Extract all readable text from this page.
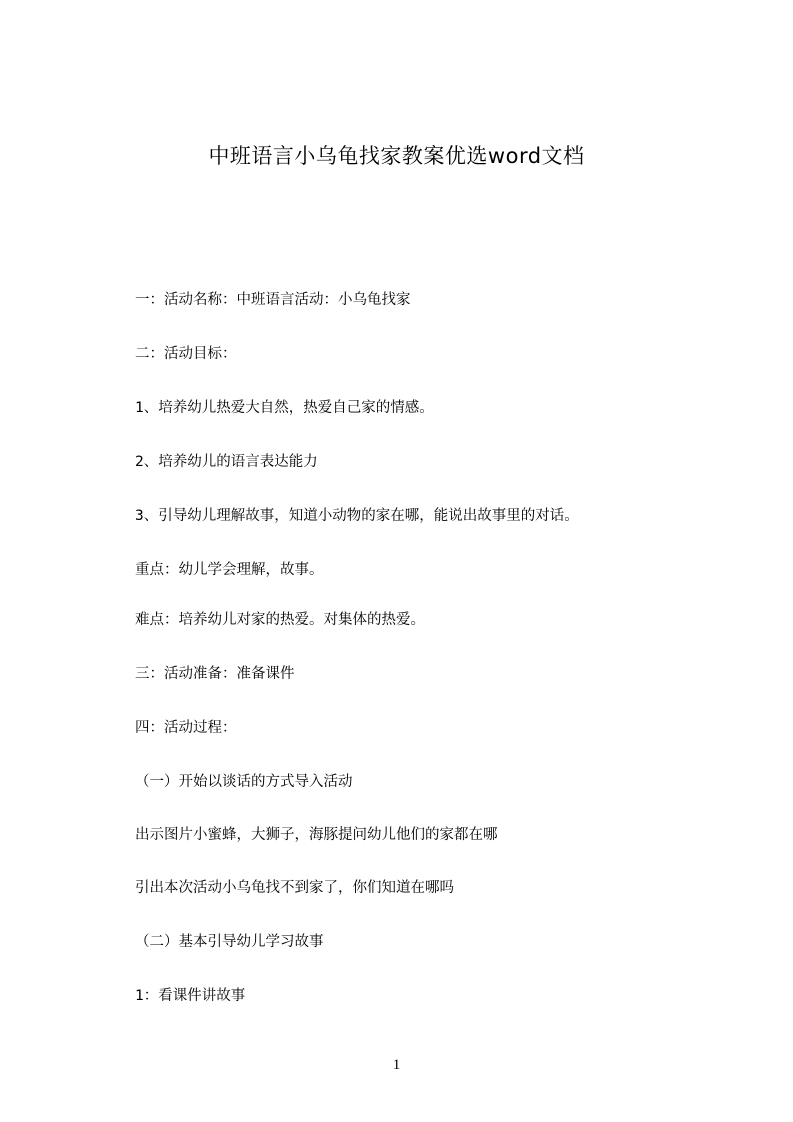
中班语言小乌龟找家教案优选word文档
一：活动名称：中班语言活动：小乌龟找家
二：活动目标：
1、培养幼儿热爱大自然，热爱自己家的情感。
2、培养幼儿的语言表达能力
3、引导幼儿理解故事，知道小动物的家在哪，能说出故事里的对话。
重点：幼儿学会理解，故事。
难点：培养幼儿对家的热爱。对集体的热爱。
三：活动准备：准备课件
四：活动过程：
（一）开始以谈话的方式导入活动
出示图片小蜜蜂，大狮子，海豚提问幼儿他们的家都在哪
引出本次活动小乌龟找不到家了，你们知道在哪吗
（二）基本引导幼儿学习故事
1：看课件讲故事
1
